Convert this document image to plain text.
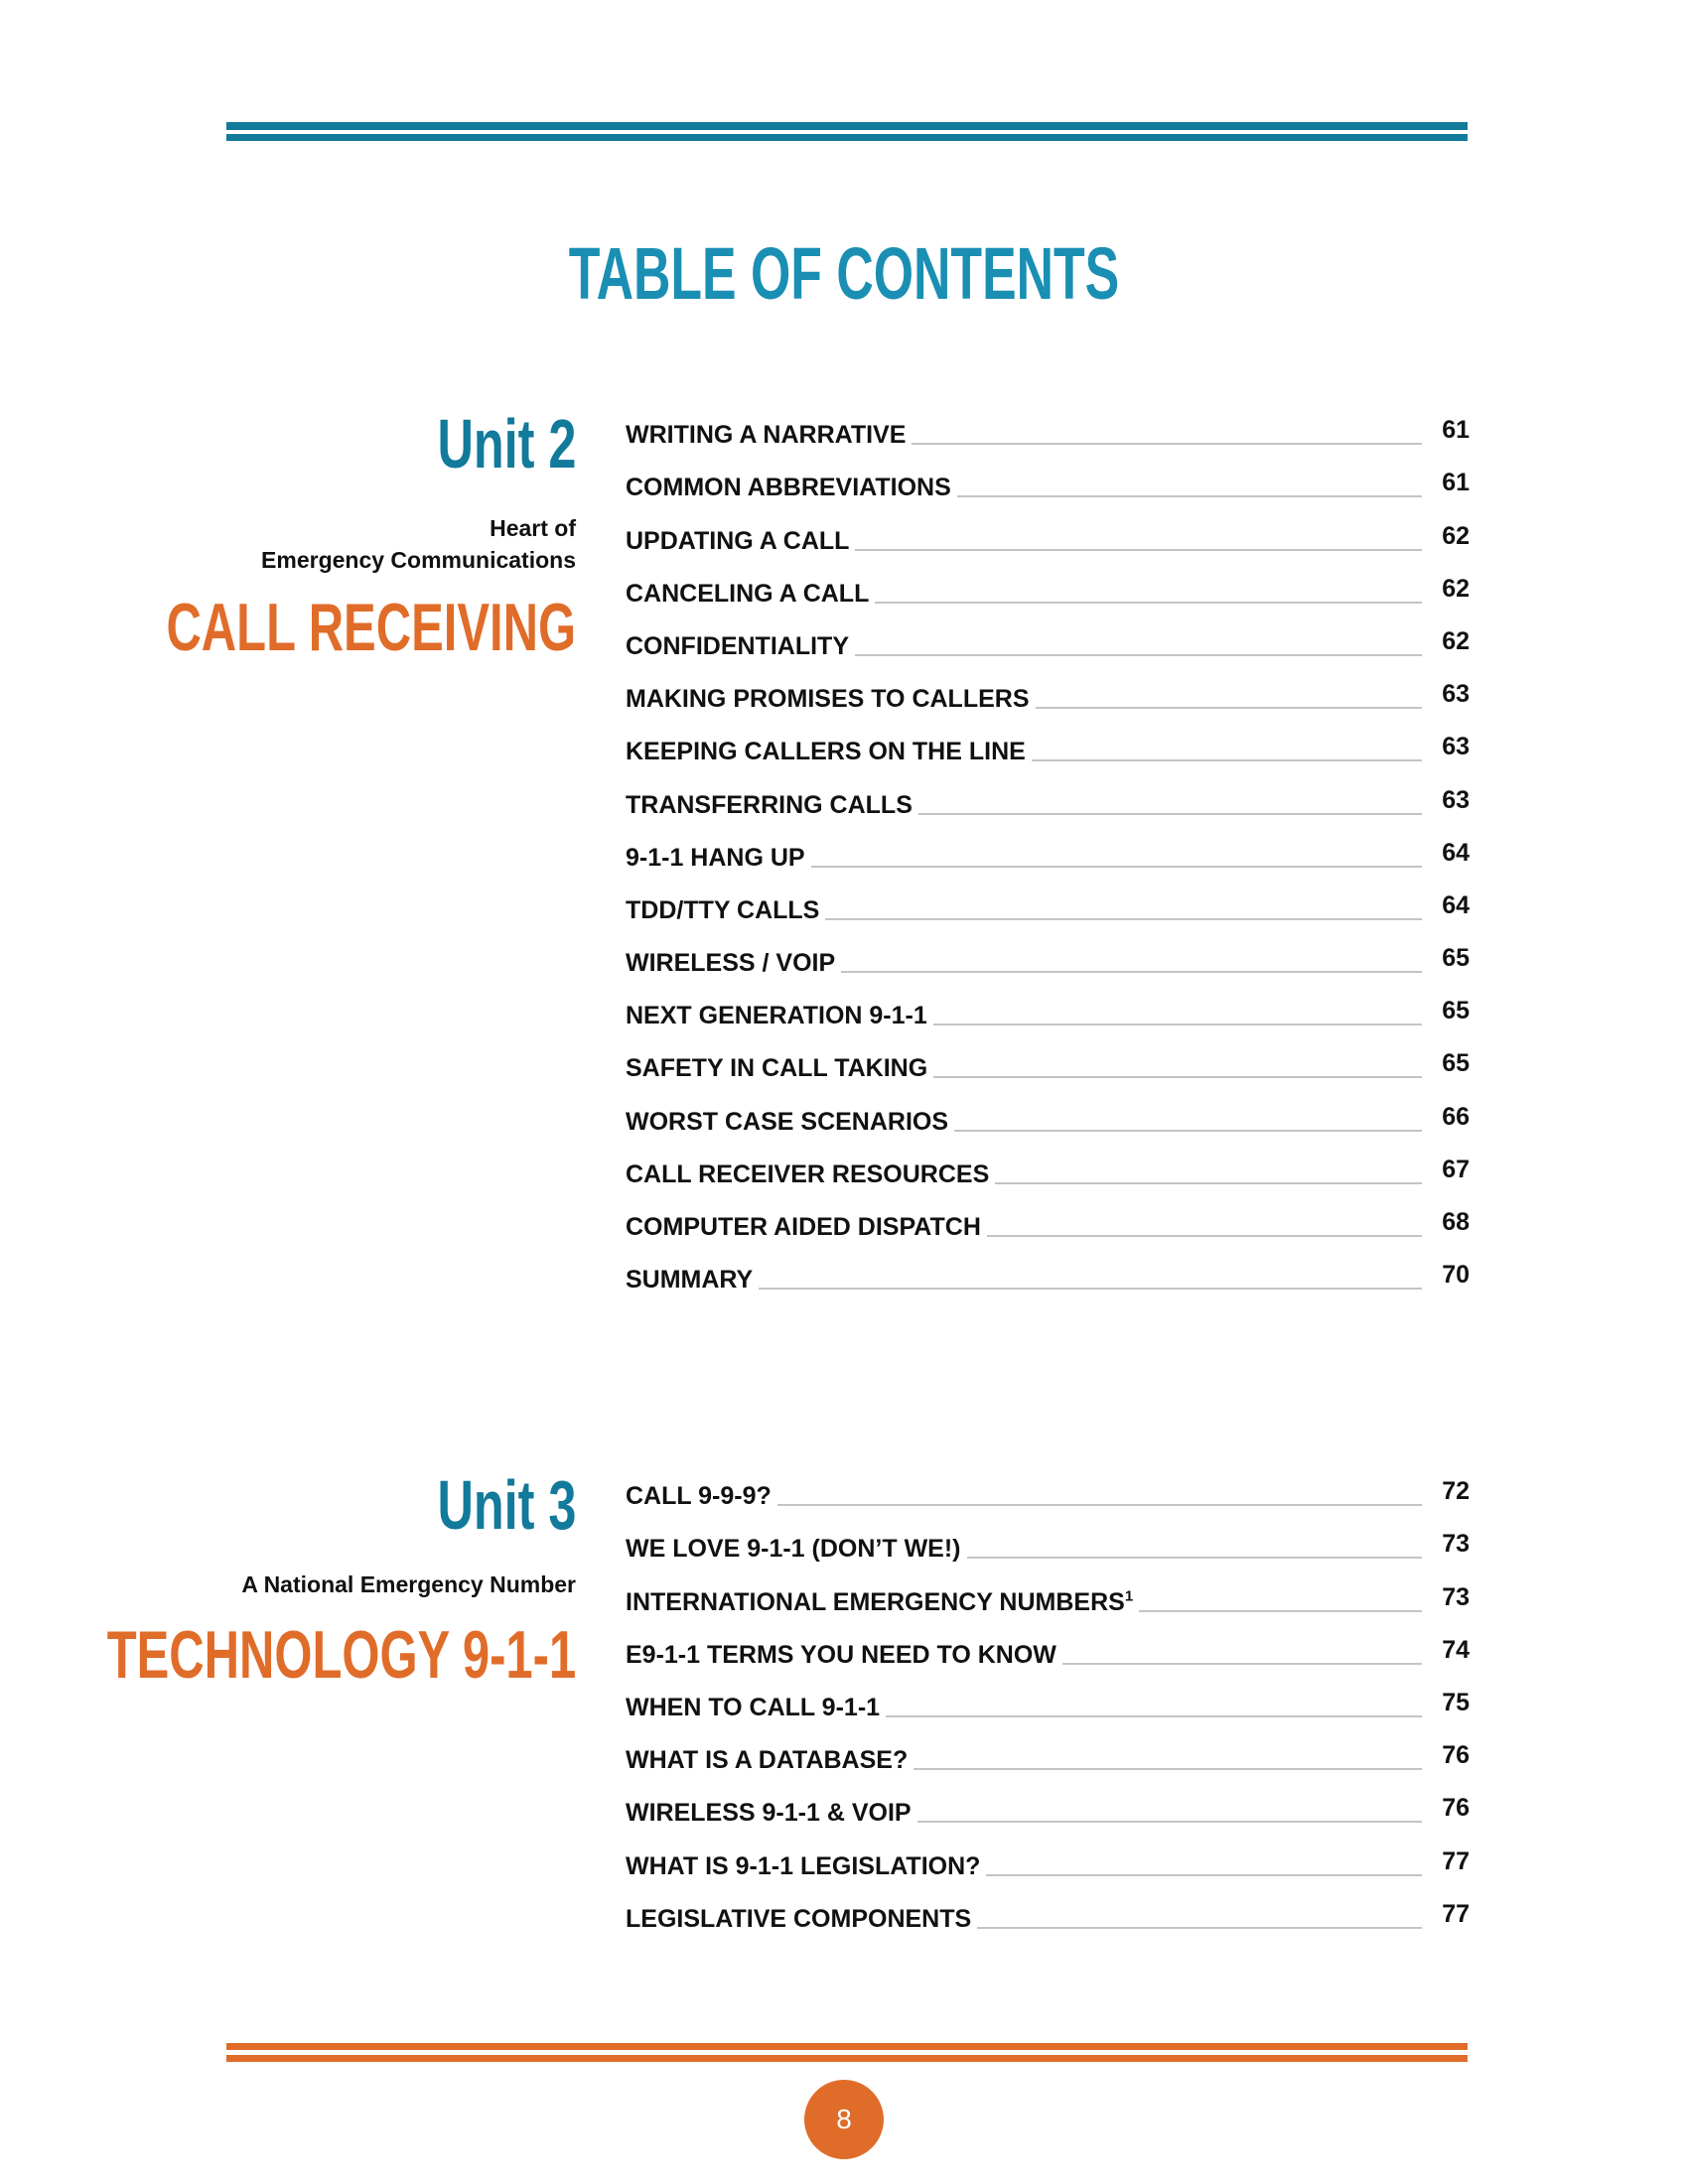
TABLE OF CONTENTS
Unit 2
Heart of
Emergency Communications
CALL RECEIVING
WRITING A NARRATIVE	61
COMMON ABBREVIATIONS	61
UPDATING A CALL	62
CANCELING A CALL	62
CONFIDENTIALITY	62
MAKING PROMISES TO CALLERS	63
KEEPING CALLERS ON THE LINE	63
TRANSFERRING CALLS	63
9-1-1 HANG UP	64
TDD/TTY CALLS	64
WIRELESS / VOIP	65
NEXT GENERATION 9-1-1	65
SAFETY IN CALL TAKING	65
WORST CASE SCENARIOS	66
CALL RECEIVER RESOURCES	67
COMPUTER AIDED DISPATCH	68
SUMMARY	70
Unit 3
A National Emergency Number
TECHNOLOGY 9-1-1
CALL 9-9-9?	72
WE LOVE 9-1-1 (DON’T WE!)	73
INTERNATIONAL EMERGENCY NUMBERS$^1$	73
E9-1-1 TERMS YOU NEED TO KNOW	74
WHEN TO CALL 9-1-1	75
WHAT IS A DATABASE?	76
WIRELESS 9-1-1 & VOIP	76
WHAT IS 9-1-1 LEGISLATION?	77
LEGISLATIVE COMPONENTS	77
8
